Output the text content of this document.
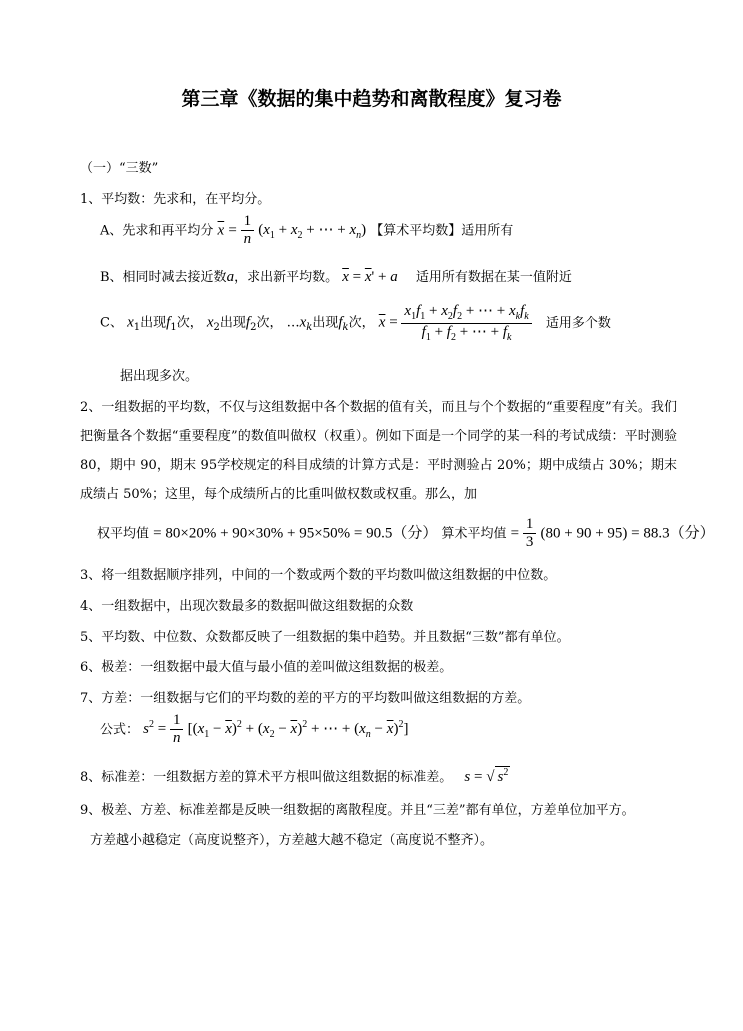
第三章《数据的集中趋势和离散程度》复习卷
（一）“三数”
1、平均数：先求和，在平均分。
A、先求和再平均分 $\overline{x} = \frac{1}{n} (x_1 + x_2$ + ⋯ + $x_n$) 【算术平均数】适用所有
B、相同时减去接近数a，求出新平均数。 $\overline{x} = \overline{x}' + a$ 适用所有数据在某一值附近
C、 $x_1$出现$f_1$次， $x_2$出现$f_2$次， $\dots x_k$出现$f_k$次， $\overline{x} = \frac{x_1f_1 + x_2f_2 + \cdots + x_kf_k}{f_1 + f_2 + \cdots + f_k}$ 适用多个数
据出现多次。
2、一组数据的平均数，不仅与这组数据中各个数据的值有关，而且与个个数据的“重要程度”有关。我们把衡量各个数据“重要程度”的数值叫做权（权重）。例如下面是一个同学的某一科的考试成绩：平时测验 80，期中 90，期末 95学校规定的科目成绩的计算方式是：平时测验占 20%；期中成绩占 30%；期末成绩占 50%；这里，每个成绩所占的比重叫做权数或权重。那么，加
权平均值 = 80×20% + 90×30% + 95×50% = 90.5（分） 算术平均值 = $\frac{1}{3} (80 + 90 + 95) = 88.3$（分）
3、将一组数据顺序排列，中间的一个数或两个数的平均数叫做这组数据的中位数。
4、一组数据中，出现次数最多的数据叫做这组数据的众数
5、平均数、中位数、众数都反映了一组数据的集中趋势。并且数据“三数”都有单位。
6、极差：一组数据中最大值与最小值的差叫做这组数据的极差。
7、方差：一组数据与它们的平均数的差的平方的平均数叫做这组数据的方差。
公式： $s^2 = \frac{1}{n} [(x_1 - \overline{x})^2 + (x_2 - \overline{x})^2$ + ⋯ + $(x_n - \overline{x})^2$]
8、标准差：一组数据方差的算术平方根叫做这组数据的标准差。 s = √ $s^2$
9、极差、方差、标准差都是反映一组数据的离散程度。并且“三差”都有单位，方差单位加平方。
方差越小越稳定（高度说整齐），方差越大越不稳定（高度说不整齐）。
